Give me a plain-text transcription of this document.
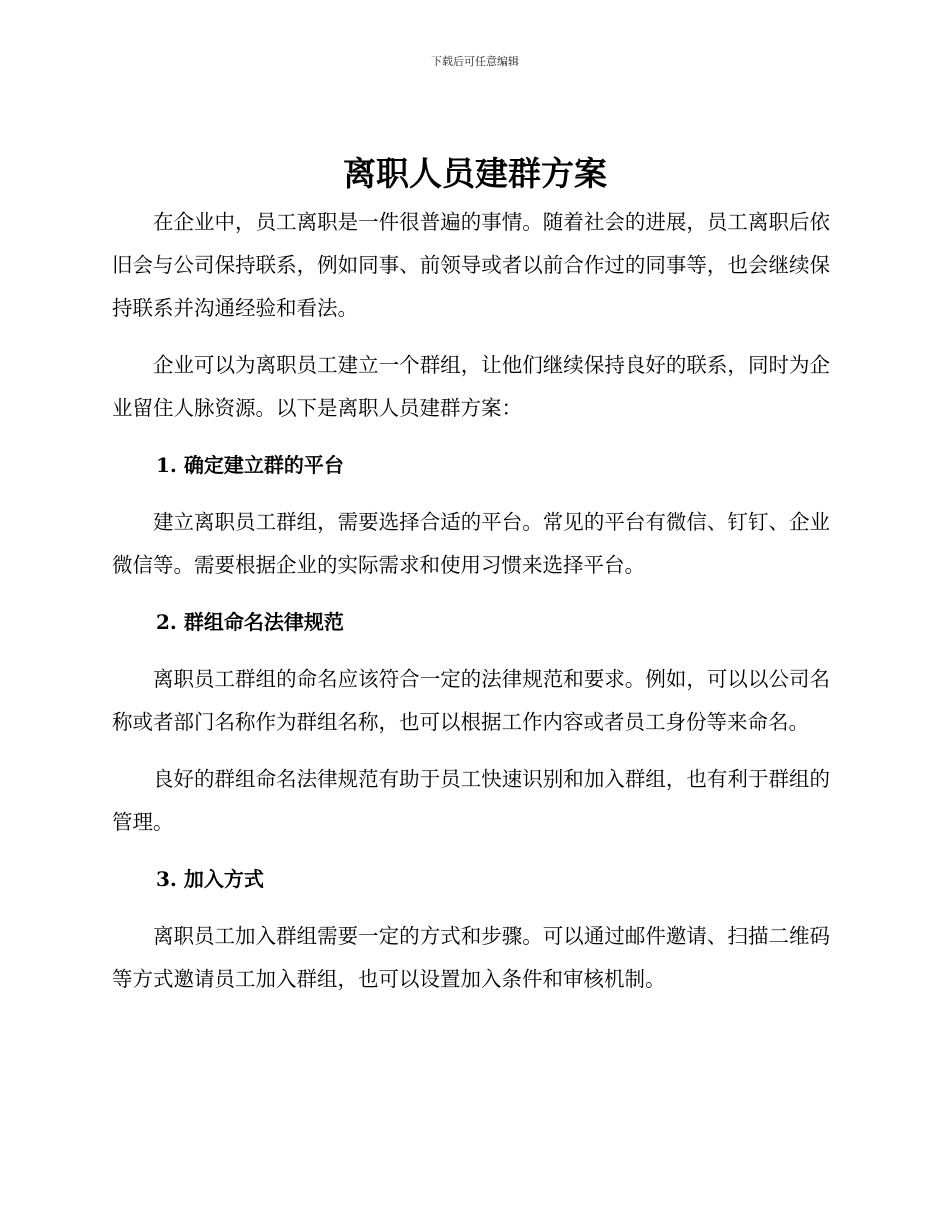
下载后可任意编辑
离职人员建群方案

在企业中，员工离职是一件很普遍的事情。随着社会的进展，员工离职后依旧会与公司保持联系，例如同事、前领导或者以前合作过的同事等，也会继续保持联系并沟通经验和看法。

企业可以为离职员工建立一个群组，让他们继续保持良好的联系，同时为企业留住人脉资源。以下是离职人员建群方案：

1. 确定建立群的平台

建立离职员工群组，需要选择合适的平台。常见的平台有微信、钉钉、企业微信等。需要根据企业的实际需求和使用习惯来选择平台。

2. 群组命名法律规范

离职员工群组的命名应该符合一定的法律规范和要求。例如，可以以公司名称或者部门名称作为群组名称，也可以根据工作内容或者员工身份等来命名。

良好的群组命名法律规范有助于员工快速识别和加入群组，也有利于群组的管理。

3. 加入方式

离职员工加入群组需要一定的方式和步骤。可以通过邮件邀请、扫描二维码等方式邀请员工加入群组，也可以设置加入条件和审核机制。
